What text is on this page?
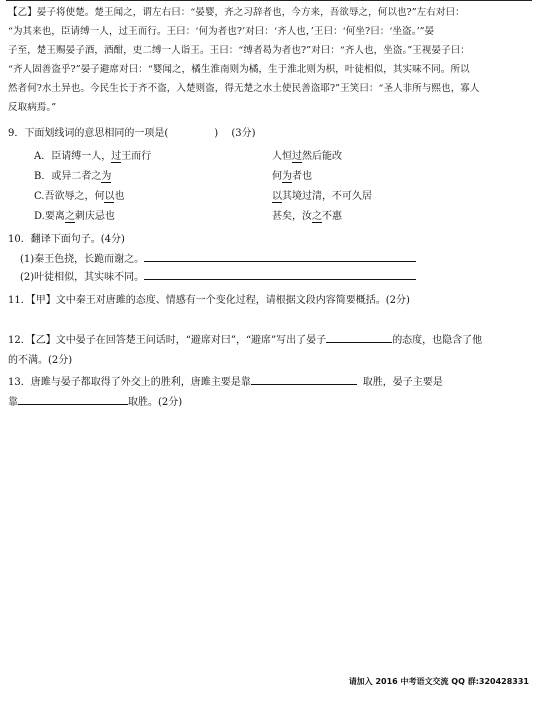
【乙】晏子将使楚。楚王闻之，谓左右曰：“晏婴，齐之习辞者也，今方来，吾欲辱之，何以也?”左右对曰：
“为其来也，臣请缚一人，过王而行。王曰：‘何为者也?’对曰：‘齐人也，’王曰：‘何坐?曰：‘坐盗。’”晏
子至，楚王赐晏子酒，酒酣，吏二缚一人诣王。王曰：“缚者曷为者也?”对曰：“齐人也，坐盗。”王视晏子曰：
“齐人固善盗乎?”晏子避席对曰：“婴闻之，橘生淮南则为橘，生于淮北则为枳，叶徒相似，其实味不同。所以
然者何?水土异也。今民生长于齐不盗，入楚则盗，得无楚之水土使民善盗耶?”王笑曰：“圣人非所与熙也，寡人
反取病焉。”
9．下面划线词的意思相同的一项是(	) (3分)
A．臣请缚一人，过王而行	人恒过然后能改
B．或异二者之为	何为者也
C.吾欲辱之，何以也	以其境过清，不可久居
D.要离之刺庆忌也	甚矣，汝之不惠
10．翻译下面句子。(4分)
(1)秦王色挠，长跪而谢之。
(2)叶徒相似，其实味不同。
11．【甲】文中秦王对唐雎的态度、情感有一个变化过程，请根据文段内容简要概括。(2分)
12．【乙】文中晏子在回答楚王问话时，“避席对曰”，“避席”写出了晏子	的态度，也隐含了他
的不满。(2分)
13．唐雎与晏子都取得了外交上的胜利，唐雎主要是靠	取胜，晏子主要是
靠	取胜。(2分)
请加入 2016 中考语文交流 QQ 群:320428331
